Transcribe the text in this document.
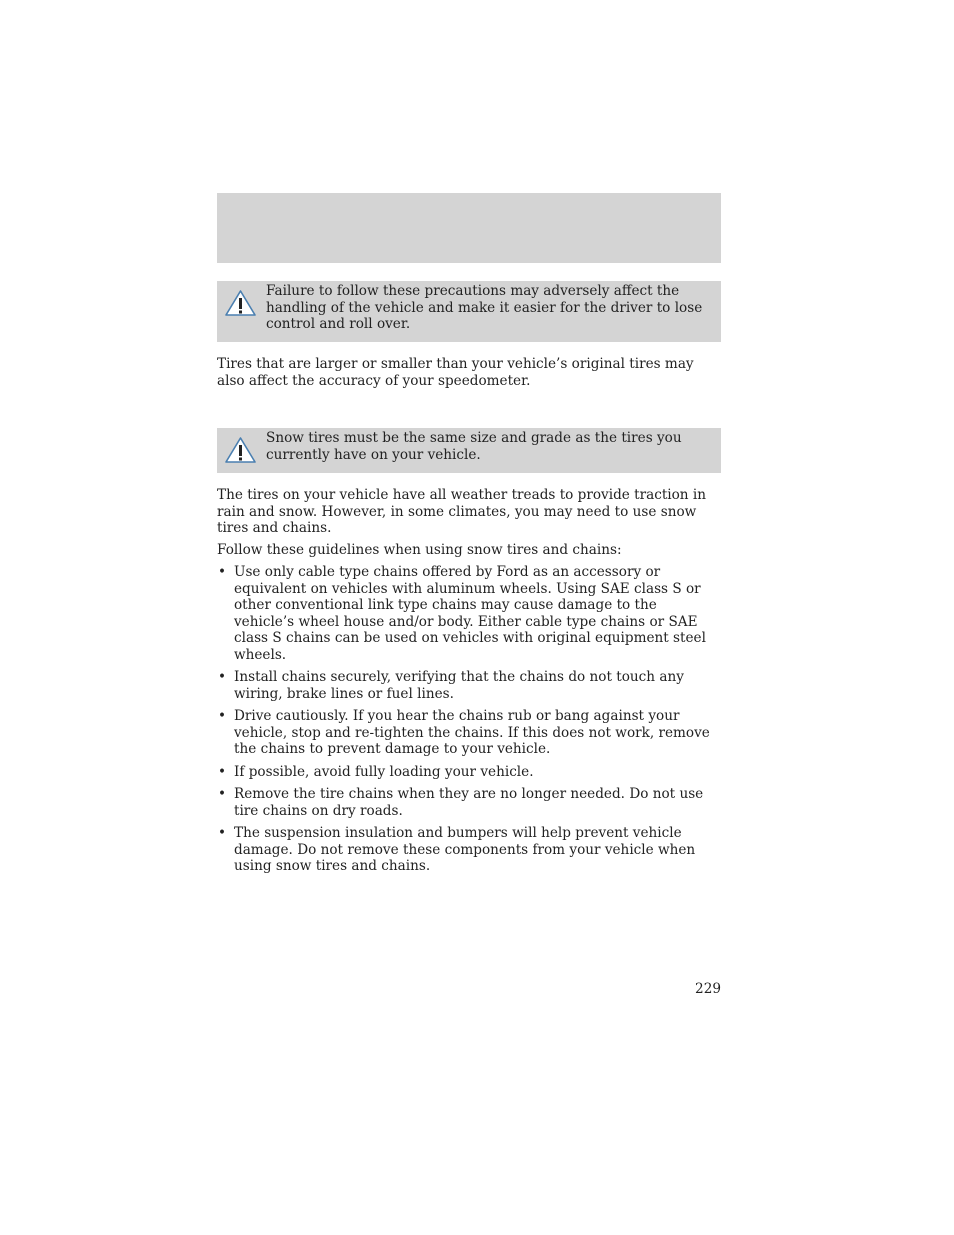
Failure to follow these precautions may adversely affect the handling of the vehicle and make it easier for the driver to lose control and roll over.

Tires that are larger or smaller than your vehicle’s original tires may also affect the accuracy of your speedometer.

Snow tires must be the same size and grade as the tires you currently have on your vehicle.

The tires on your vehicle have all weather treads to provide traction in rain and snow. However, in some climates, you may need to use snow tires and chains.

Follow these guidelines when using snow tires and chains:

• Use only cable type chains offered by Ford as an accessory or equivalent on vehicles with aluminum wheels. Using SAE class S or other conventional link type chains may cause damage to the vehicle’s wheel house and/or body. Either cable type chains or SAE class S chains can be used on vehicles with original equipment steel wheels.
• Install chains securely, verifying that the chains do not touch any wiring, brake lines or fuel lines.
• Drive cautiously. If you hear the chains rub or bang against your vehicle, stop and re-tighten the chains. If this does not work, remove the chains to prevent damage to your vehicle.
• If possible, avoid fully loading your vehicle.
• Remove the tire chains when they are no longer needed. Do not use tire chains on dry roads.
• The suspension insulation and bumpers will help prevent vehicle damage. Do not remove these components from your vehicle when using snow tires and chains.
229
